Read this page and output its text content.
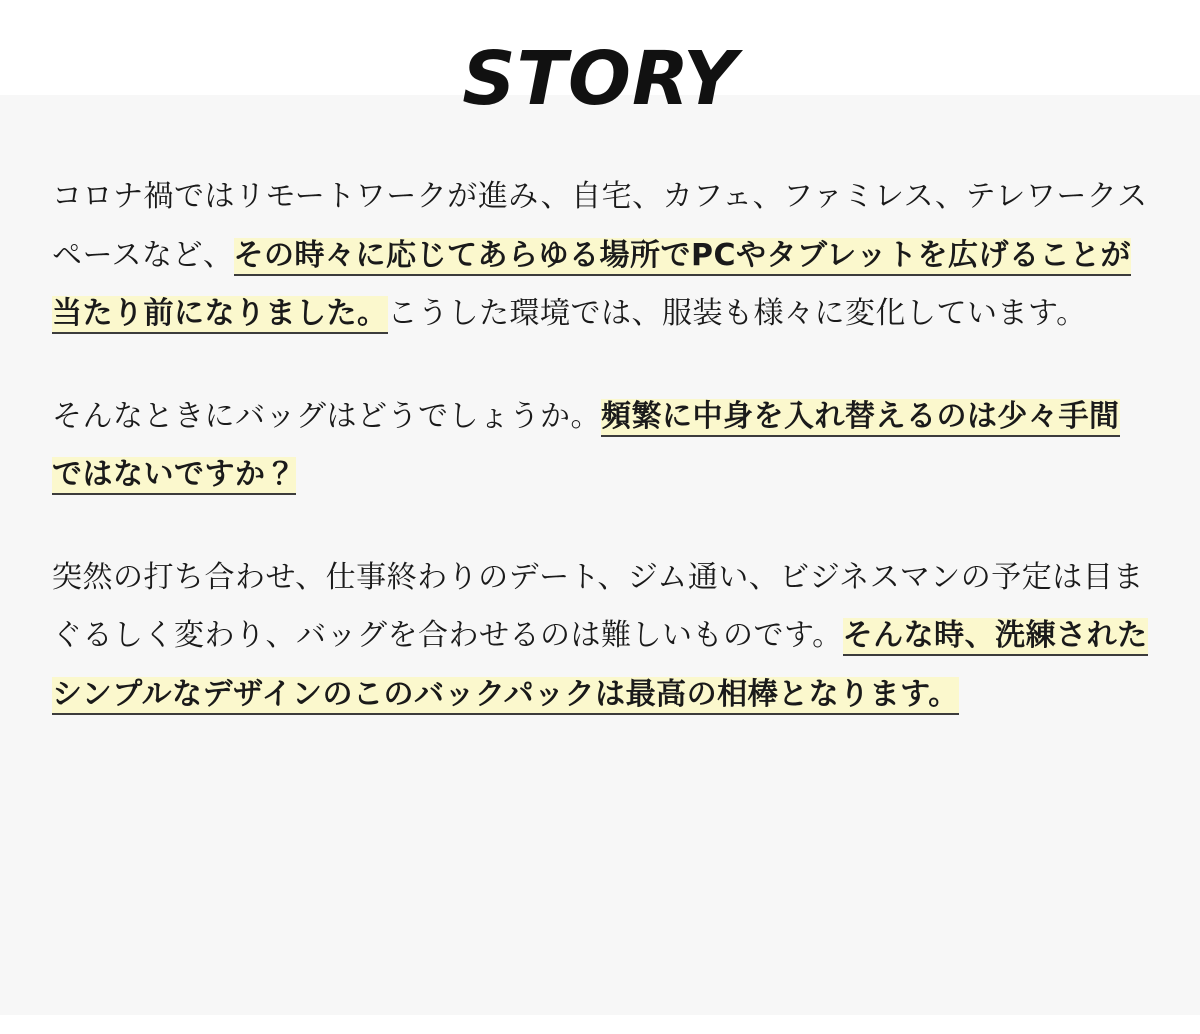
STORY

コロナ禍ではリモートワークが進み、自宅、カフェ、ファミレス、テレワークスペースなど、その時々に応じてあらゆる場所でPCやタブレットを広げることが当たり前になりました。こうした環境では、服装も様々に変化しています。

そんなときにバッグはどうでしょうか。頻繁に中身を入れ替えるのは少々手間ではないですか？

突然の打ち合わせ、仕事終わりのデート、ジム通い、ビジネスマンの予定は目まぐるしく変わり、バッグを合わせるのは難しいものです。そんな時、洗練されたシンプルなデザインのこのバックパックは最高の相棒となります。
